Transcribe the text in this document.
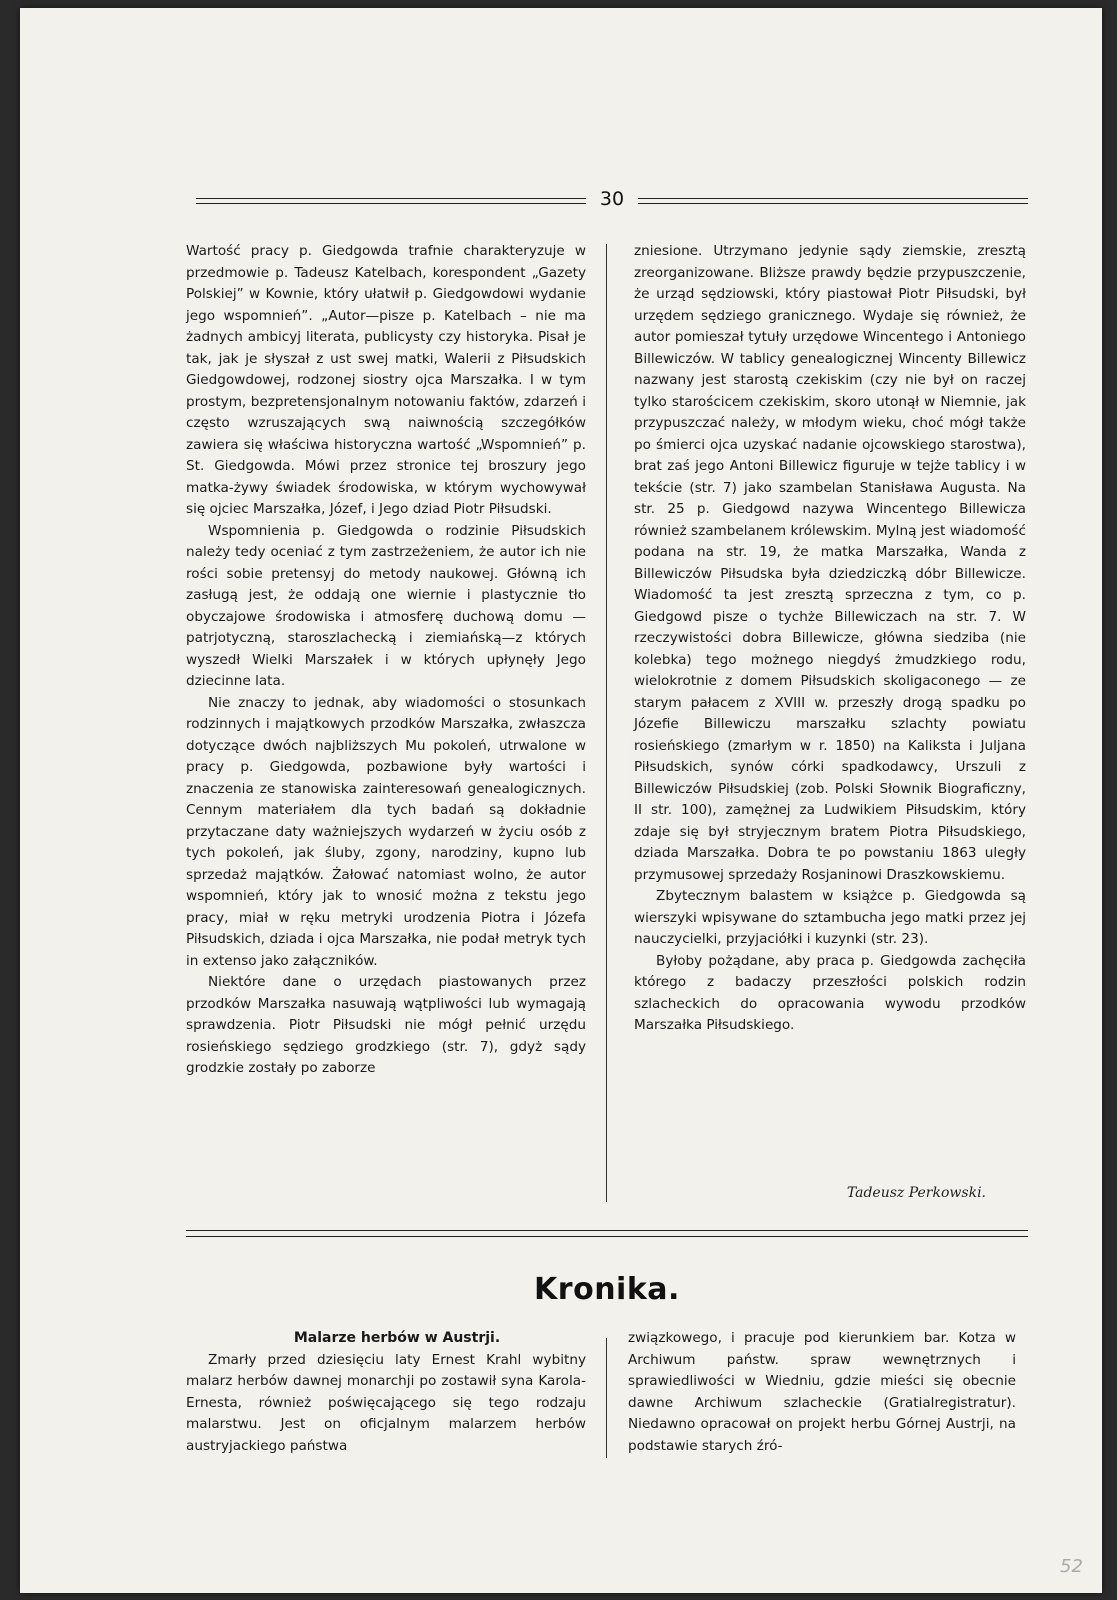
30

Wartość pracy p. Giedgowda trafnie charakteryzuje w przedmowie p. Tadeusz Katelbach, korespondent „Gazety Polskiej” w Kownie, który ułatwił p. Giedgowdowi wydanie jego wspomnień”. „Autor—pisze p. Katelbach – nie ma żadnych ambicyj literata, publicysty czy historyka. Pisał je tak, jak je słyszał z ust swej matki, Walerii z Piłsudskich Giedgowdowej, rodzonej siostry ojca Marszałka. I w tym prostym, bezpretensjonalnym notowaniu faktów, zdarzeń i często wzruszających swą naiwnością szczegółków zawiera się właściwa historyczna wartość „Wspomnień” p. St. Giedgowda. Mówi przez stronice tej broszury jego matka-żywy świadek środowiska, w którym wychowywał się ojciec Marszałka, Józef, i Jego dziad Piotr Piłsudski.

Wspomnienia p. Giedgowda o rodzinie Piłsudskich należy tedy oceniać z tym zastrzeżeniem, że autor ich nie rości sobie pretensyj do metody naukowej. Główną ich zasługą jest, że oddają one wiernie i plastycznie tło obyczajowe środowiska i atmosferę duchową domu — patrjotyczną, staroszlachecką i ziemiańską—z których wyszedł Wielki Marszałek i w których upłynęły Jego dziecinne lata.

Nie znaczy to jednak, aby wiadomości o stosunkach rodzinnych i majątkowych przodków Marszałka, zwłaszcza dotyczące dwóch najbliższych Mu pokoleń, utrwalone w pracy p. Giedgowda, pozbawione były wartości i znaczenia ze stanowiska zainteresowań genealogicznych. Cennym materiałem dla tych badań są dokładnie przytaczane daty ważniejszych wydarzeń w życiu osób z tych pokoleń, jak śluby, zgony, narodziny, kupno lub sprzedaż majątków. Żałować natomiast wolno, że autor wspomnień, który jak to wnosić można z tekstu jego pracy, miał w ręku metryki urodzenia Piotra i Józefa Piłsudskich, dziada i ojca Marszałka, nie podał metryk tych in extenso jako załączników.

Niektóre dane o urzędach piastowanych przez przodków Marszałka nasuwają wątpliwości lub wymagają sprawdzenia. Piotr Piłsudski nie mógł pełnić urzędu rosieńskiego sędziego grodzkiego (str. 7), gdyż sądy grodzkie zostały po zaborze

zniesione. Utrzymano jedynie sądy ziemskie, zresztą zreorganizowane. Bliższe prawdy będzie przypuszczenie, że urząd sędziowski, który piastował Piotr Piłsudski, był urzędem sędziego granicznego. Wydaje się również, że autor pomieszał tytuły urzędowe Wincentego i Antoniego Billewiczów. W tablicy genealogicznej Wincenty Billewicz nazwany jest starostą czekiskim (czy nie był on raczej tylko starościcem czekiskim, skoro utonął w Niemnie, jak przypuszczać należy, w młodym wieku, choć mógł także po śmierci ojca uzyskać nadanie ojcowskiego starostwa), brat zaś jego Antoni Billewicz figuruje w tejże tablicy i w tekście (str. 7) jako szambelan Stanisława Augusta. Na str. 25 p. Giedgowd nazywa Wincentego Billewicza również szambelanem królewskim. Mylną jest wiadomość podana na str. 19, że matka Marszałka, Wanda z Billewiczów Piłsudska była dziedziczką dóbr Billewicze. Wiadomość ta jest zresztą sprzeczna z tym, co p. Giedgowd pisze o tychże Billewiczach na str. 7. W rzeczywistości dobra Billewicze, główna siedziba (nie kolebka) tego możnego niegdyś żmudzkiego rodu, wielokrotnie z domem Piłsudskich skoligaconego — ze starym pałacem z XVIII w. przeszły drogą spadku po Józefie Billewiczu marszałku szlachty powiatu rosieńskiego (zmarłym w r. 1850) na Kaliksta i Juljana Piłsudskich, synów córki spadkodawcy, Urszuli z Billewiczów Piłsudskiej (zob. Polski Słownik Biograficzny, II str. 100), zamężnej za Ludwikiem Piłsudskim, który zdaje się był stryjecznym bratem Piotra Piłsudskiego, dziada Marszałka. Dobra te po powstaniu 1863 uległy przymusowej sprzedaży Rosjaninowi Draszkowskiemu.

Zbytecznym balastem w książce p. Giedgowda są wierszyki wpisywane do sztambucha jego matki przez jej nauczycielki, przyjaciółki i kuzynki (str. 23).

Byłoby pożądane, aby praca p. Giedgowda zachęciła którego z badaczy przeszłości polskich rodzin szlacheckich do opracowania wywodu przodków Marszałka Piłsudskiego.

Tadeusz Perkowski.
Kronika.

Malarze herbów w Austrji.

Zmarły przed dziesięciu laty Ernest Krahl wybitny malarz herbów dawnej monarchji po zostawił syna Karola-Ernesta, również poświęcającego się tego rodzaju malarstwu. Jest on oficjalnym malarzem herbów austryjackiego państwa

związkowego, i pracuje pod kierunkiem bar. Kotza w Archiwum państw. spraw wewnętrznych i sprawiedliwości w Wiedniu, gdzie mieści się obecnie dawne Archiwum szlacheckie (Gratialregistratur). Niedawno opracował on projekt herbu Górnej Austrji, na podstawie starych źró-

52
